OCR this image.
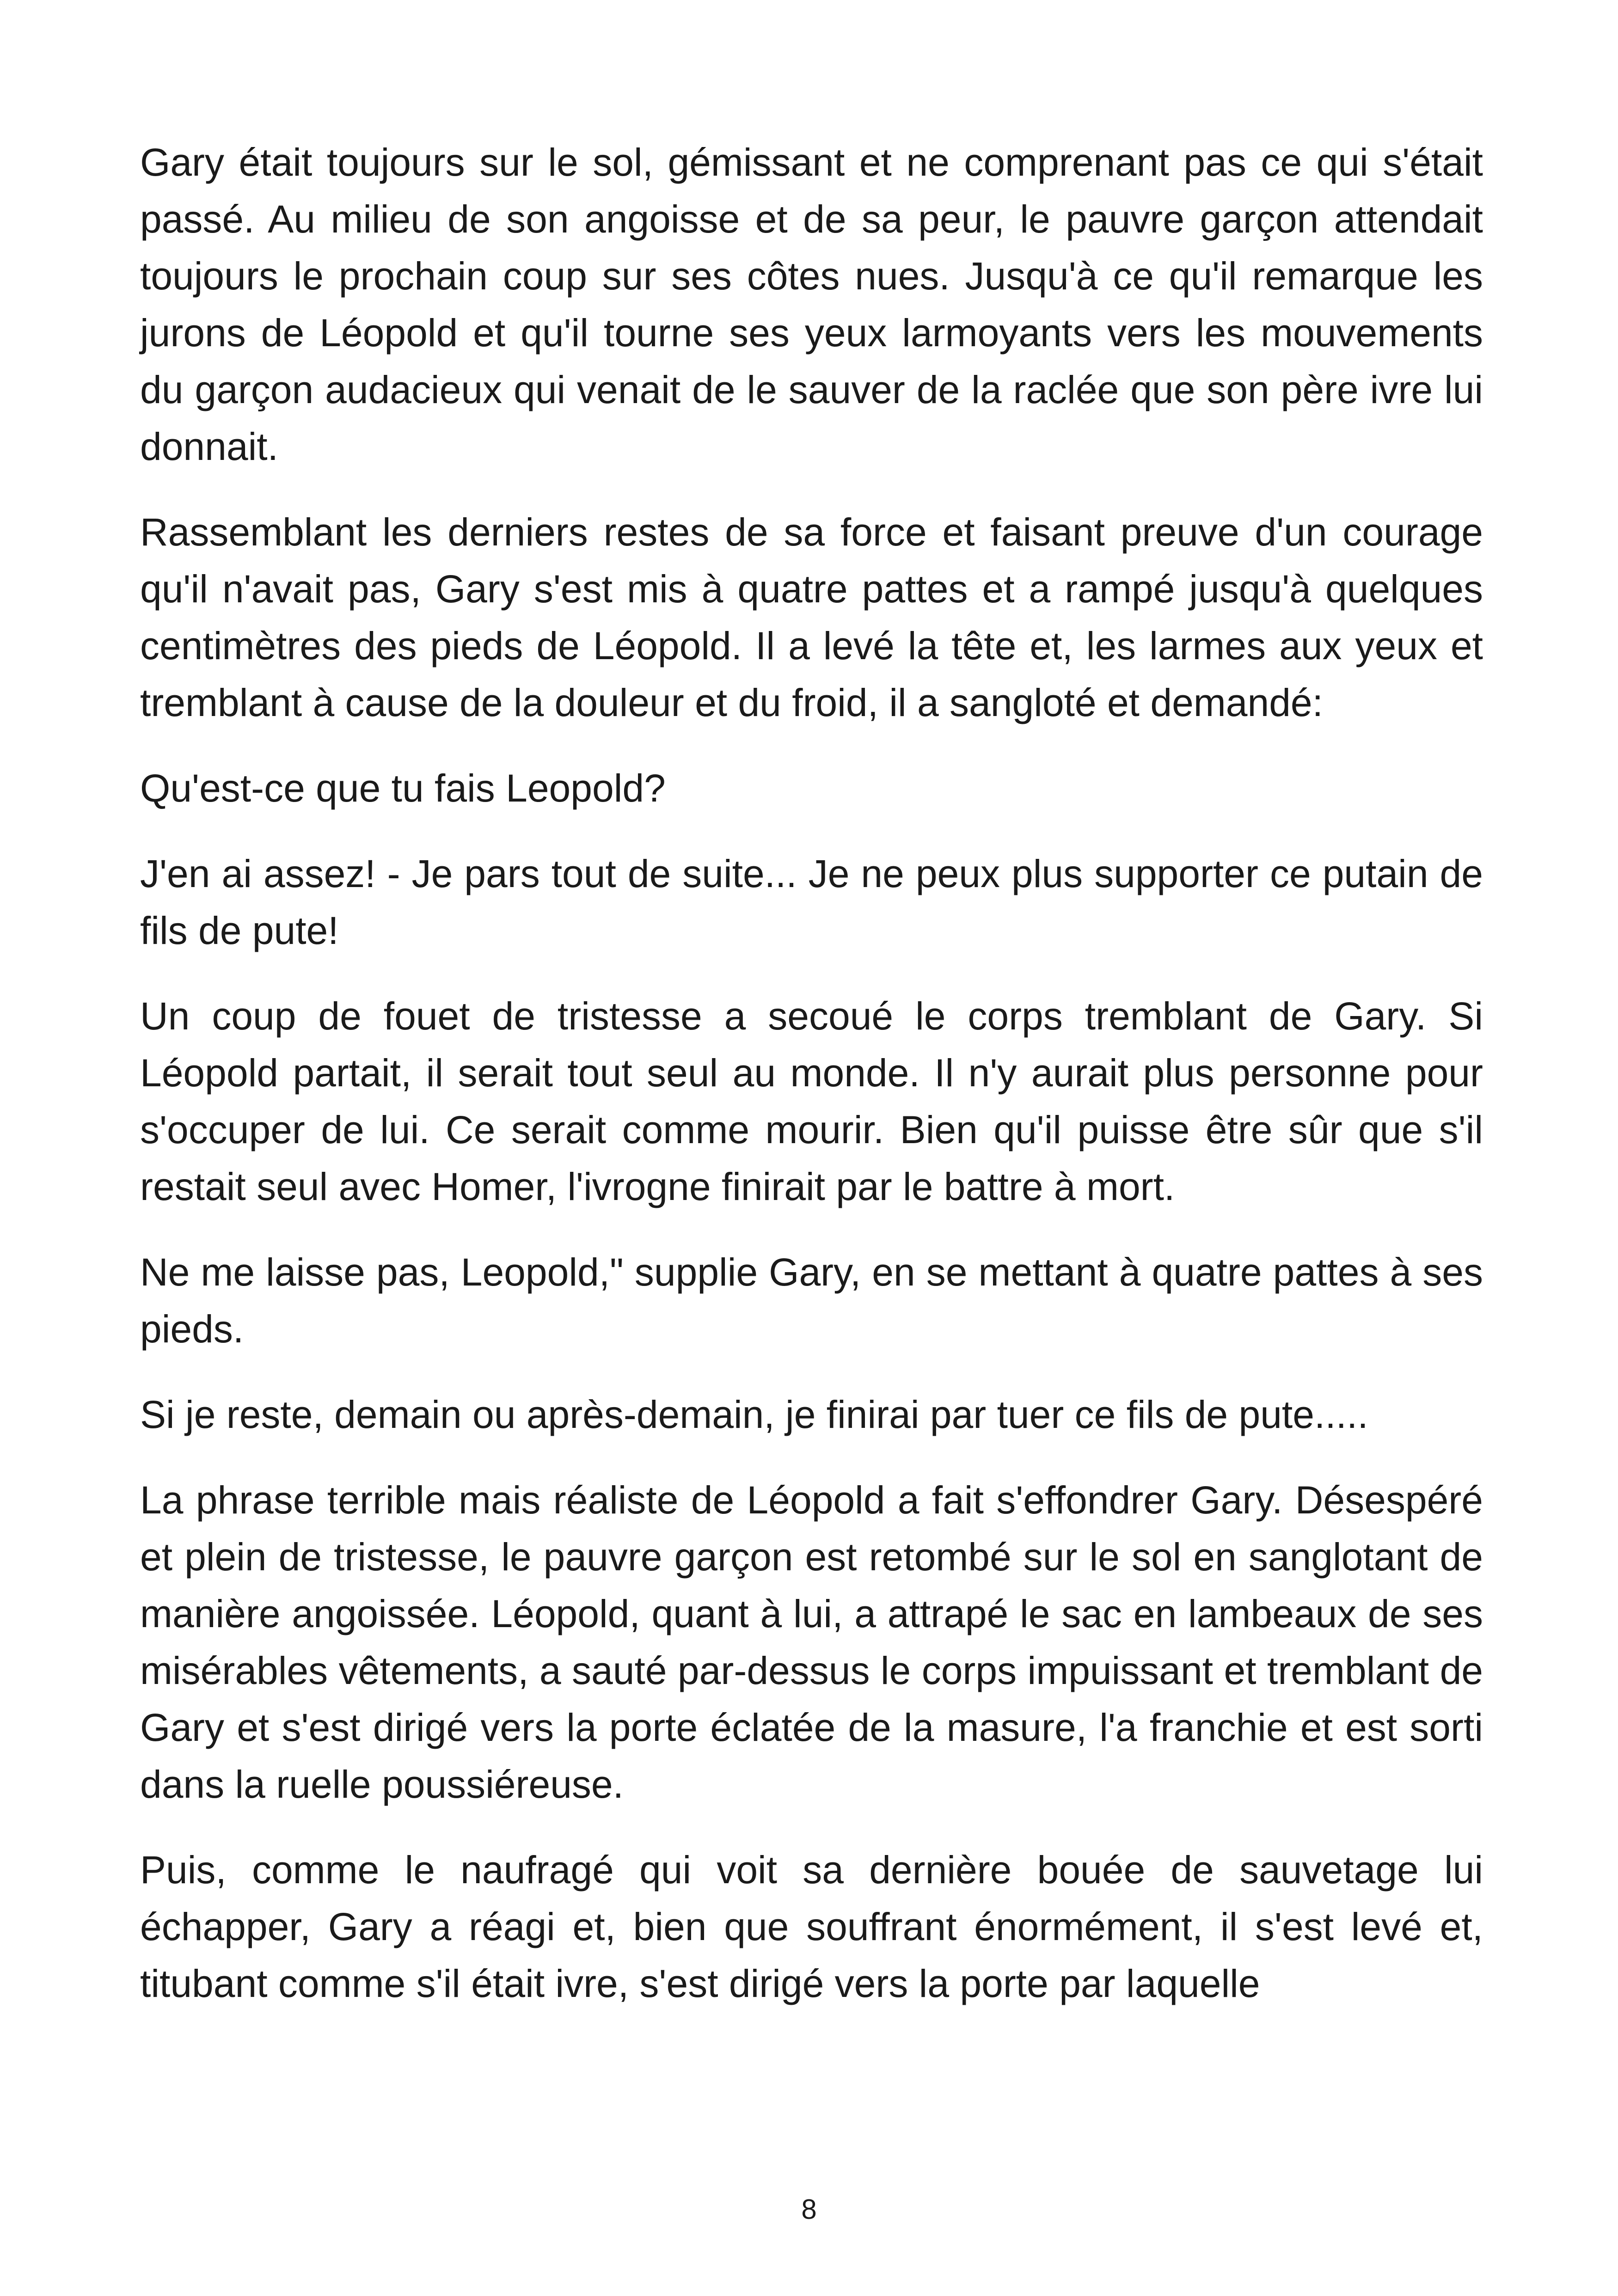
Gary était toujours sur le sol, gémissant et ne comprenant pas ce qui s'était passé. Au milieu de son angoisse et de sa peur, le pauvre garçon attendait toujours le prochain coup sur ses côtes nues. Jusqu'à ce qu'il remarque les jurons de Léopold et qu'il tourne ses yeux larmoyants vers les mouvements du garçon audacieux qui venait de le sauver de la raclée que son père ivre lui donnait.

Rassemblant les derniers restes de sa force et faisant preuve d'un courage qu'il n'avait pas, Gary s'est mis à quatre pattes et a rampé jusqu'à quelques centimètres des pieds de Léopold. Il a levé la tête et, les larmes aux yeux et tremblant à cause de la douleur et du froid, il a sangloté et demandé:

Qu'est-ce que tu fais Leopold?

J'en ai assez! - Je pars tout de suite... Je ne peux plus supporter ce putain de fils de pute!

Un coup de fouet de tristesse a secoué le corps tremblant de Gary. Si Léopold partait, il serait tout seul au monde. Il n'y aurait plus personne pour s'occuper de lui. Ce serait comme mourir. Bien qu'il puisse être sûr que s'il restait seul avec Homer, l'ivrogne finirait par le battre à mort.

Ne me laisse pas, Leopold," supplie Gary, en se mettant à quatre pattes à ses pieds.

Si je reste, demain ou après-demain, je finirai par tuer ce fils de pute.....

La phrase terrible mais réaliste de Léopold a fait s'effondrer Gary. Désespéré et plein de tristesse, le pauvre garçon est retombé sur le sol en sanglotant de manière angoissée. Léopold, quant à lui, a attrapé le sac en lambeaux de ses misérables vêtements, a sauté par-dessus le corps impuissant et tremblant de Gary et s'est dirigé vers la porte éclatée de la masure, l'a franchie et est sorti dans la ruelle poussiéreuse.

Puis, comme le naufragé qui voit sa dernière bouée de sauvetage lui échapper, Gary a réagi et, bien que souffrant énormément, il s'est levé et, titubant comme s'il était ivre, s'est dirigé vers la porte par laquelle

8
